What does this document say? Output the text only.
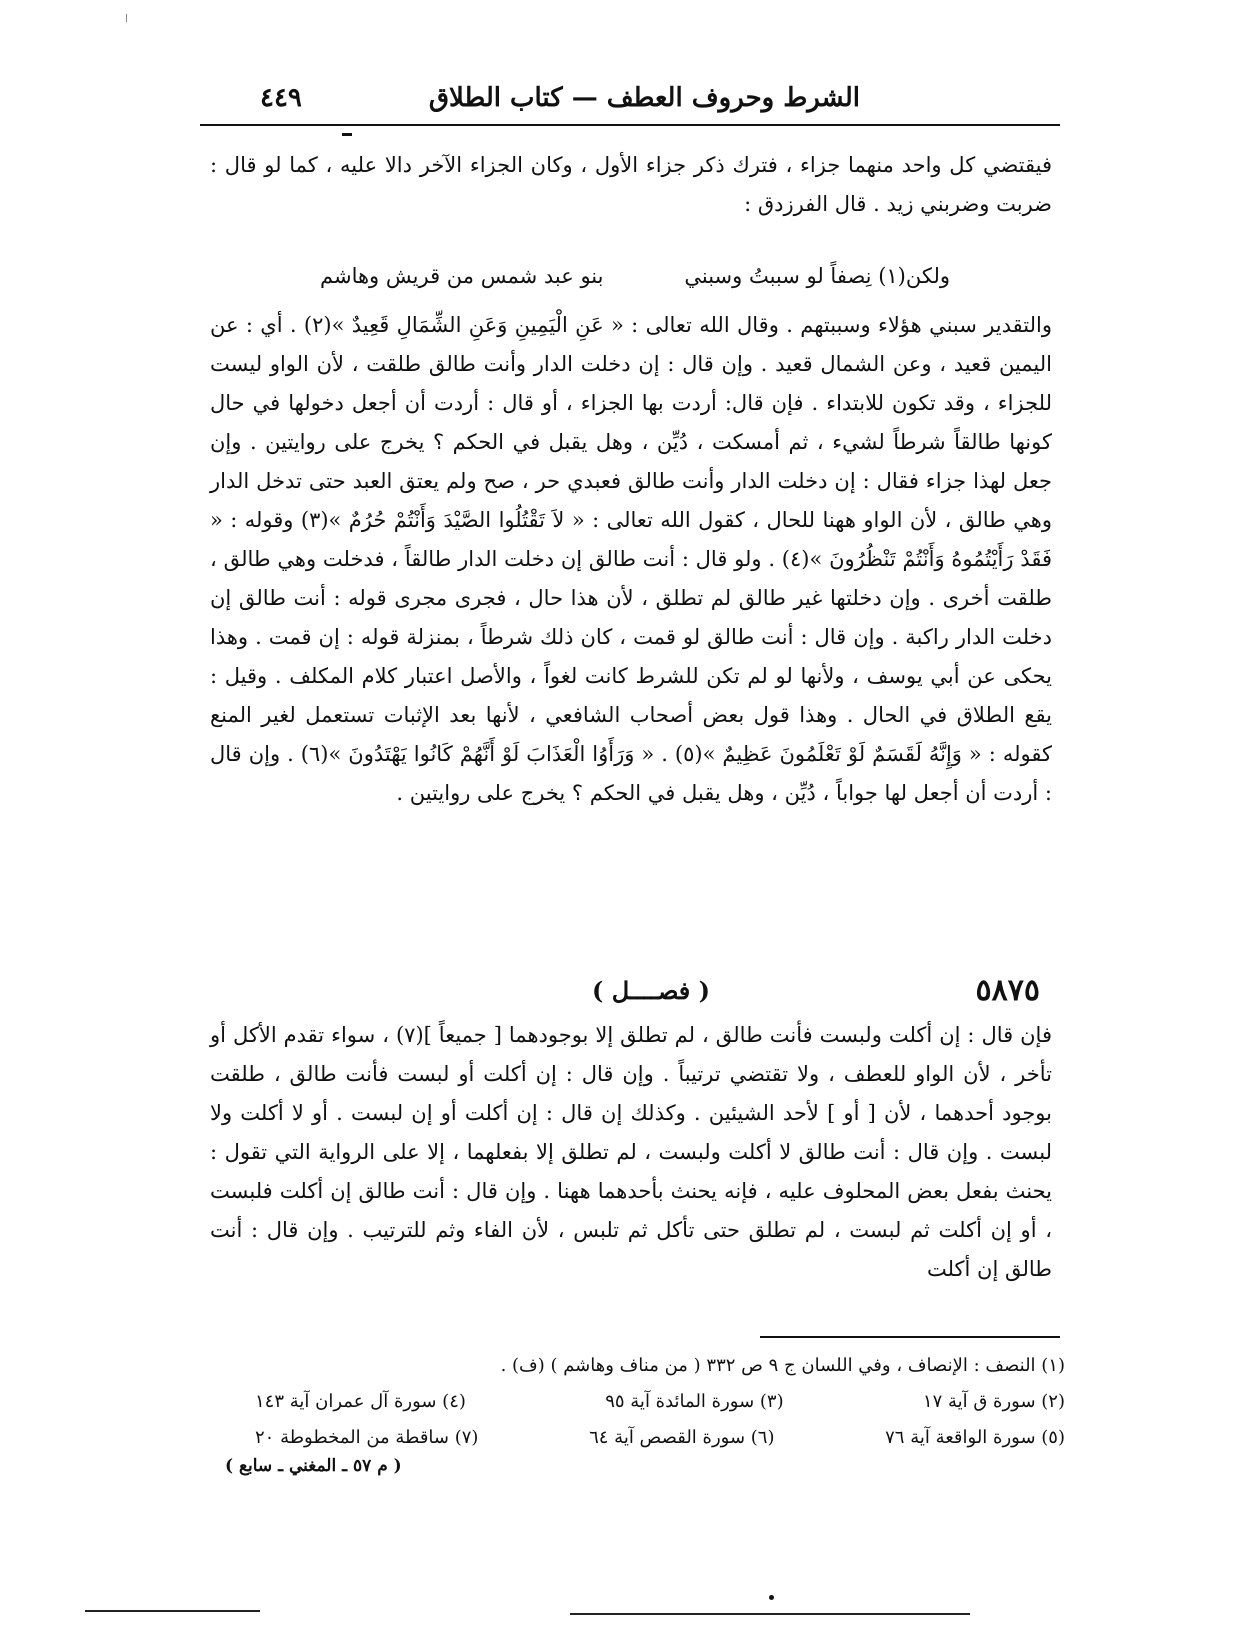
الشرط وحروف العطف — كتاب الطلاق
٤٤٩

فيقتضي كل واحد منهما جزاء ، فترك ذكر جزاء الأول ، وكان الجزاء الآخر دالا عليه ، كما لو قال : ضربت وضربني زيد . قال الفرزدق :

ولكن(١) نِصفاً لو سببتُ وسبني
بنو عبد شمس من قريش وهاشم

والتقدير سبني هؤلاء وسببتهم . وقال الله تعالى : « عَنِ الْيَمِينِ وَعَنِ الشِّمَالِ قَعِيدٌ »(٢) . أي : عن اليمين قعيد ، وعن الشمال قعيد . وإن قال : إن دخلت الدار وأنت طالق طلقت ، لأن الواو ليست للجزاء ، وقد تكون للابتداء . فإن قال: أردت بها الجزاء ، أو قال : أردت أن أجعل دخولها في حال كونها طالقاً شرطاً لشيء ، ثم أمسكت ، دُيِّن ، وهل يقبل في الحكم ؟ يخرج على روايتين . وإن جعل لهذا جزاء فقال : إن دخلت الدار وأنت طالق فعبدي حر ، صح ولم يعتق العبد حتى تدخل الدار وهي طالق ، لأن الواو ههنا للحال ، كقول الله تعالى : « لاَ تَقْتُلُوا الصَّيْدَ وَأَنْتُمْ حُرُمٌ »(٣) وقوله : « فَقَدْ رَأَيْتُمُوهُ وَأَنْتُمْ تَنْظُرُونَ »(٤) . ولو قال : أنت طالق إن دخلت الدار طالقاً ، فدخلت وهي طالق ، طلقت أخرى . وإن دخلتها غير طالق لم تطلق ، لأن هذا حال ، فجرى مجرى قوله : أنت طالق إن دخلت الدار راكبة . وإن قال : أنت طالق لو قمت ، كان ذلك شرطاً ، بمنزلة قوله : إن قمت . وهذا يحكى عن أبي يوسف ، ولأنها لو لم تكن للشرط كانت لغواً ، والأصل اعتبار كلام المكلف . وقيل : يقع الطلاق في الحال . وهذا قول بعض أصحاب الشافعي ، لأنها بعد الإثبات تستعمل لغير المنع كقوله : « وَإِنَّهُ لَقَسَمٌ لَوْ تَعْلَمُونَ عَظِيمٌ »(٥) . « وَرَأَوُا الْعَذَابَ لَوْ أَنَّهُمْ كَانُوا يَهْتَدُونَ »(٦) . وإن قال : أردت أن أجعل لها جواباً ، دُيِّن ، وهل يقبل في الحكم ؟ يخرج على روايتين .

٥٨٧٥
( فصــــل )

فإن قال : إن أكلت ولبست فأنت طالق ، لم تطلق إلا بوجودهما [ جميعاً ](٧) ، سواء تقدم الأكل أو تأخر ، لأن الواو للعطف ، ولا تقتضي ترتيباً . وإن قال : إن أكلت أو لبست فأنت طالق ، طلقت بوجود أحدهما ، لأن [ أو ] لأحد الشيئين . وكذلك إن قال : إن أكلت أو إن لبست . أو لا أكلت ولا لبست . وإن قال : أنت طالق لا أكلت ولبست ، لم تطلق إلا بفعلهما ، إلا على الرواية التي تقول : يحنث بفعل بعض المحلوف عليه ، فإنه يحنث بأحدهما ههنا . وإن قال : أنت طالق إن أكلت فلبست ، أو إن أكلت ثم لبست ، لم تطلق حتى تأكل ثم تلبس ، لأن الفاء وثم للترتيب . وإن قال : أنت طالق إن أكلت

(١) النصف : الإنصاف ، وفي اللسان ج ٩ ص ٣٣٢ ( من مناف وهاشم ) (ف) .
(٢) سورة ق آية ١٧
(٣) سورة المائدة آية ٩٥
(٤) سورة آل عمران آية ١٤٣
(٥) سورة الواقعة آية ٧٦
(٦) سورة القصص آية ٦٤
(٧) ساقطة من المخطوطة ٢٠
( م ٥٧ ـ المغني ـ سابع )
